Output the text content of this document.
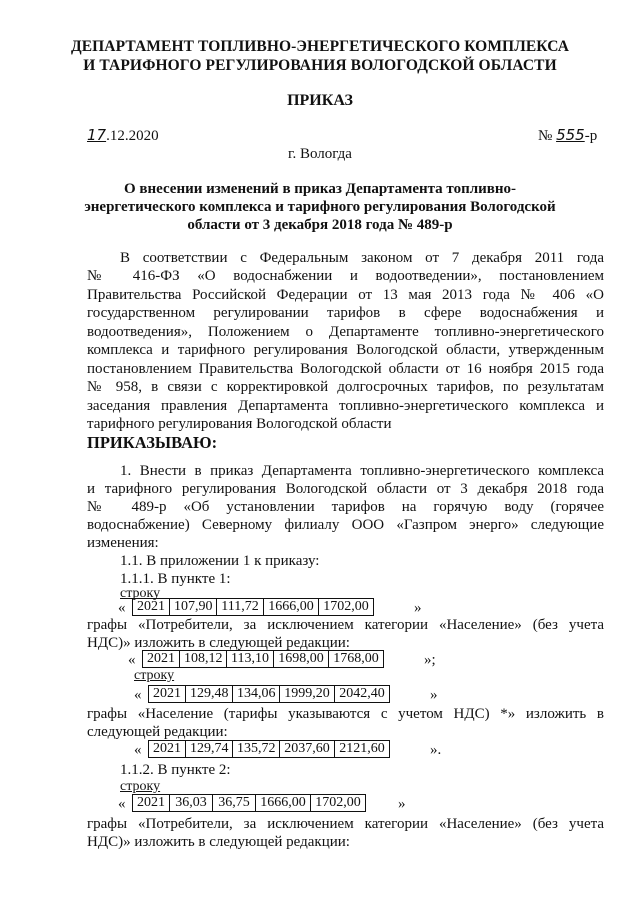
ДЕПАРТАМЕНТ ТОПЛИВНО-ЭНЕРГЕТИЧЕСКОГО КОМПЛЕКСА
И ТАРИФНОГО РЕГУЛИРОВАНИЯ ВОЛОГОДСКОЙ ОБЛАСТИ
ПРИКАЗ
17.12.2020	№ 555-р
г. Вологда
О внесении изменений в приказ Департамента топливно-
энергетического комплекса и тарифного регулирования Вологодской
области от 3 декабря 2018 года № 489-р
В соответствии с Федеральным законом от 7 декабря 2011 года
№ 416-ФЗ «О водоснабжении и водоотведении», постановлением
Правительства Российской Федерации от 13 мая 2013 года № 406 «О
государственном регулировании тарифов в сфере водоснабжения и
водоотведения», Положением о Департаменте топливно-энергетического
комплекса и тарифного регулирования Вологодской области, утвержденным
постановлением Правительства Вологодской области от 16 ноября 2015 года
№ 958, в связи с корректировкой долгосрочных тарифов, по результатам
заседания правления Департамента топливно-энергетического комплекса и
тарифного регулирования Вологодской области
ПРИКАЗЫВАЮ:
1. Внести в приказ Департамента топливно-энергетического комплекса
и тарифного регулирования Вологодской области от 3 декабря 2018 года
№ 489-р «Об установлении тарифов на горячую воду (горячее
водоснабжение) Северному филиалу ООО «Газпром энерго» следующие
изменения:
1.1. В приложении 1 к приказу:
1.1.1. В пункте 1:
строку
« 2021 107,90 111,72 1666,00 1702,00	»
графы «Потребители, за исключением категории «Население» (без учета
НДС)» изложить в следующей редакции:
« 2021 108,12 113,10 1698,00 1768,00	»;
строку
« 2021 129,48 134,06 1999,20 2042,40	»
графы «Население (тарифы указываются с учетом НДС) *» изложить в
следующей редакции:
« 2021 129,74 135,72 2037,60 2121,60	».
1.1.2. В пункте 2:
строку
« 2021 36,03 36,75 1666,00 1702,00 »
графы «Потребители, за исключением категории «Население» (без учета
НДС)» изложить в следующей редакции:
